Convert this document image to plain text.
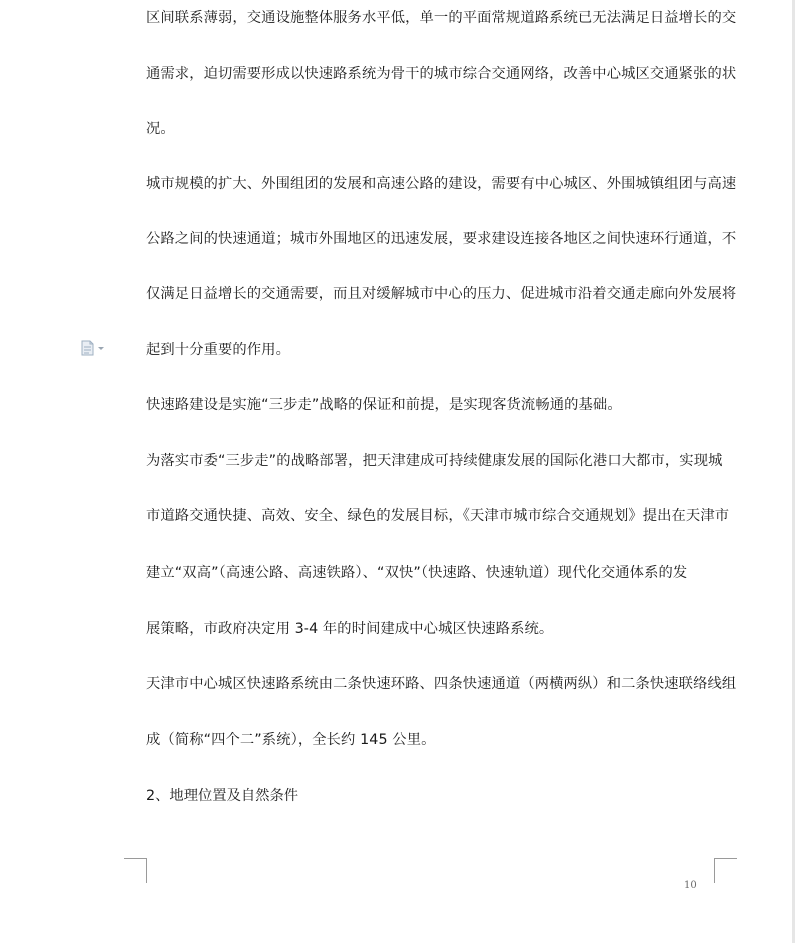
区间联系薄弱，交通设施整体服务水平低，单一的平面常规道路系统已无法满足日益增长的交
通需求，迫切需要形成以快速路系统为骨干的城市综合交通网络，改善中心城区交通紧张的状
况。
城市规模的扩大、外围组团的发展和高速公路的建设，需要有中心城区、外围城镇组团与高速
公路之间的快速通道；城市外围地区的迅速发展，要求建设连接各地区之间快速环行通道，不
仅满足日益增长的交通需要，而且对缓解城市中心的压力、促进城市沿着交通走廊向外发展将
起到十分重要的作用。
快速路建设是实施“三步走”战略的保证和前提，是实现客货流畅通的基础。
为落实市委“三步走”的战略部署，把天津建成可持续健康发展的国际化港口大都市，实现城
市道路交通快捷、高效、安全、绿色的发展目标，《天津市城市综合交通规划》提出在天津市
建立“双高”（高速公路、高速铁路）、“双快”（快速路、快速轨道）现代化交通体系的发
展策略，市政府决定用 3-4 年的时间建成中心城区快速路系统。
天津市中心城区快速路系统由二条快速环路、四条快速通道（两横两纵）和二条快速联络线组
成（简称“四个二”系统），全长约 145 公里。
2、地理位置及自然条件
10
